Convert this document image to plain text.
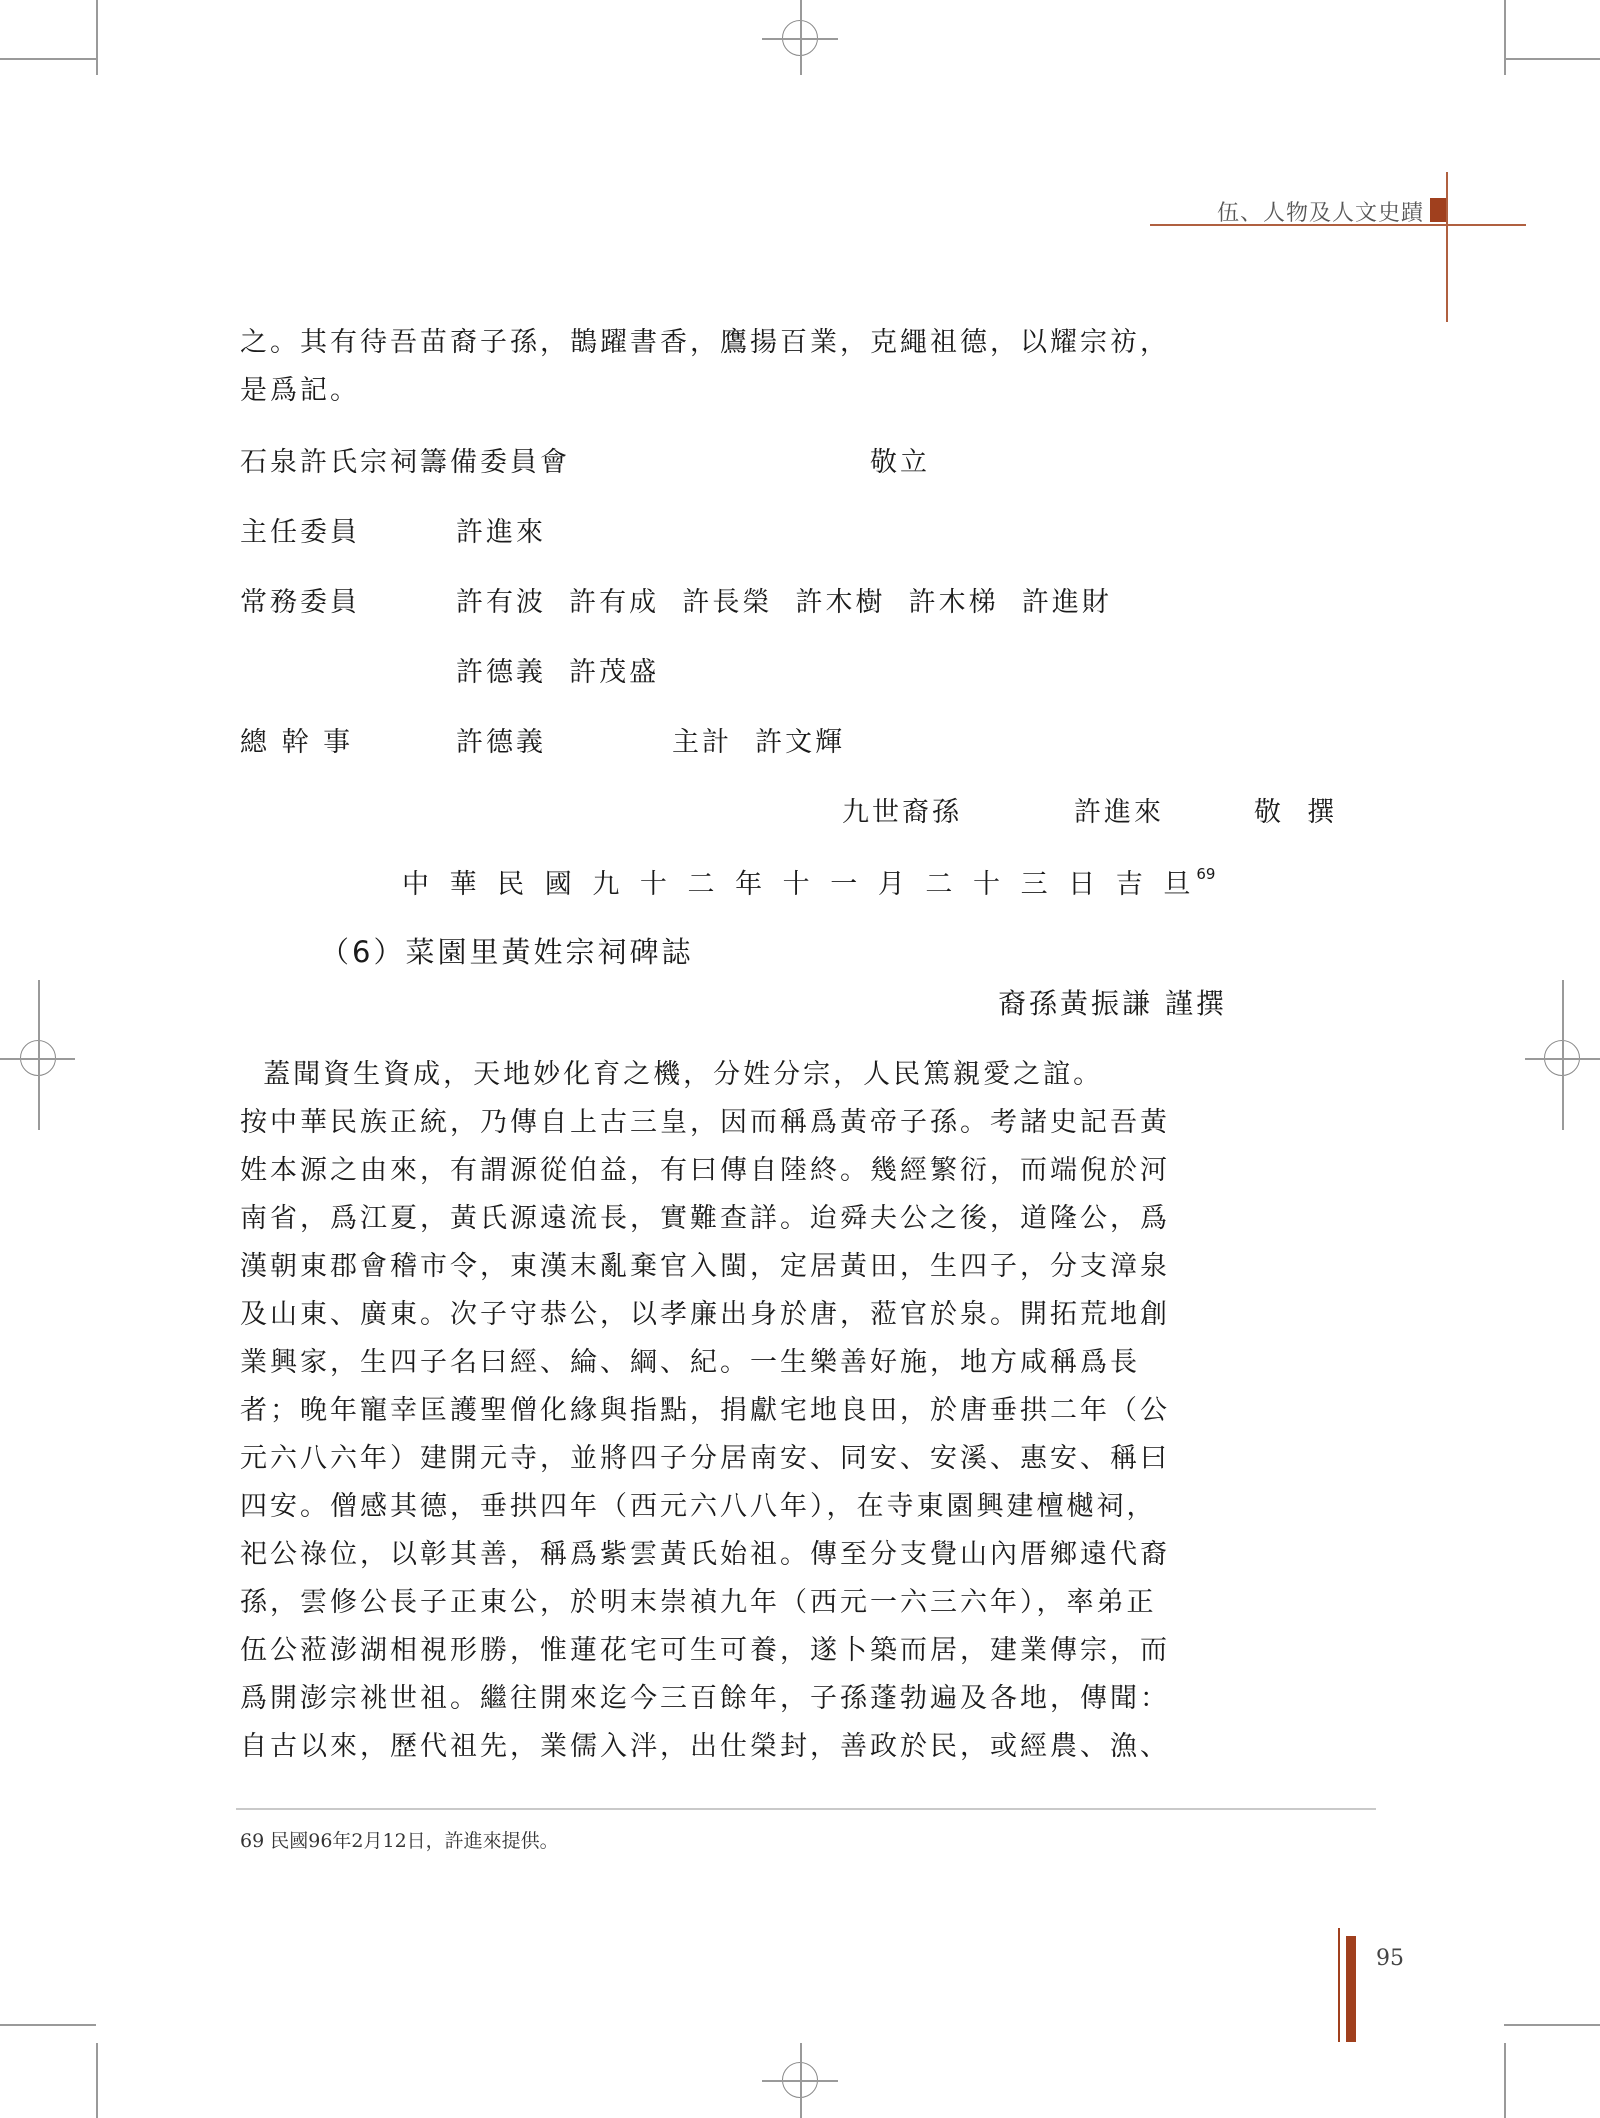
伍、人物及人文史蹟
之。其有待吾苗裔子孫，鵲躍書香，鷹揚百業，克繩祖德，以耀宗祊，
是爲記。
石泉許氏宗祠籌備委員會	敬立
主任委員	許進來
常務委員	許有波  許有成  許長榮  許木樹  許木梯  許進財
許德義  許茂盛
總 幹 事	許德義	主計  許文輝
九世裔孫	許進來	敬  撰
中 華 民 國 九 十 二 年 十 一 月 二 十 三 日 吉 旦$^{69}$
（6）菜園里黃姓宗祠碑誌
裔孫黃振謙 謹撰
蓋聞資生資成，天地妙化育之機，分姓分宗，人民篤親愛之誼。
按中華民族正統，乃傳自上古三皇，因而稱爲黃帝子孫。考諸史記吾黃
姓本源之由來，有謂源從伯益，有曰傳自陸終。幾經繁衍，而端倪於河
南省，爲江夏，黃氏源遠流長，實難查詳。迨舜夫公之後，道隆公，爲
漢朝東郡會稽市令，東漢末亂棄官入閩，定居黃田，生四子，分支漳泉
及山東、廣東。次子守恭公，以孝廉出身於唐，蒞官於泉。開拓荒地創
業興家，生四子名曰經、綸、綱、紀。一生樂善好施，地方咸稱爲長
者；晚年寵幸匡護聖僧化緣與指點，捐獻宅地良田，於唐垂拱二年（公
元六八六年）建開元寺，並將四子分居南安、同安、安溪、惠安、稱曰
四安。僧感其德，垂拱四年（西元六八八年），在寺東園興建檀樾祠，
祀公祿位，以彰其善，稱爲紫雲黃氏始祖。傳至分支覺山內厝鄉遠代裔
孫，雲修公長子正東公，於明末崇禎九年（西元一六三六年），率弟正
伍公蒞澎湖相視形勝，惟蓮花宅可生可養，遂卜築而居，建業傳宗，而
爲開澎宗祧世祖。繼往開來迄今三百餘年，子孫蓬勃遍及各地，傳聞：
自古以來，歷代祖先，業儒入泮，出仕榮封，善政於民，或經農、漁、
69 民國96年2月12日，許進來提供。
95
